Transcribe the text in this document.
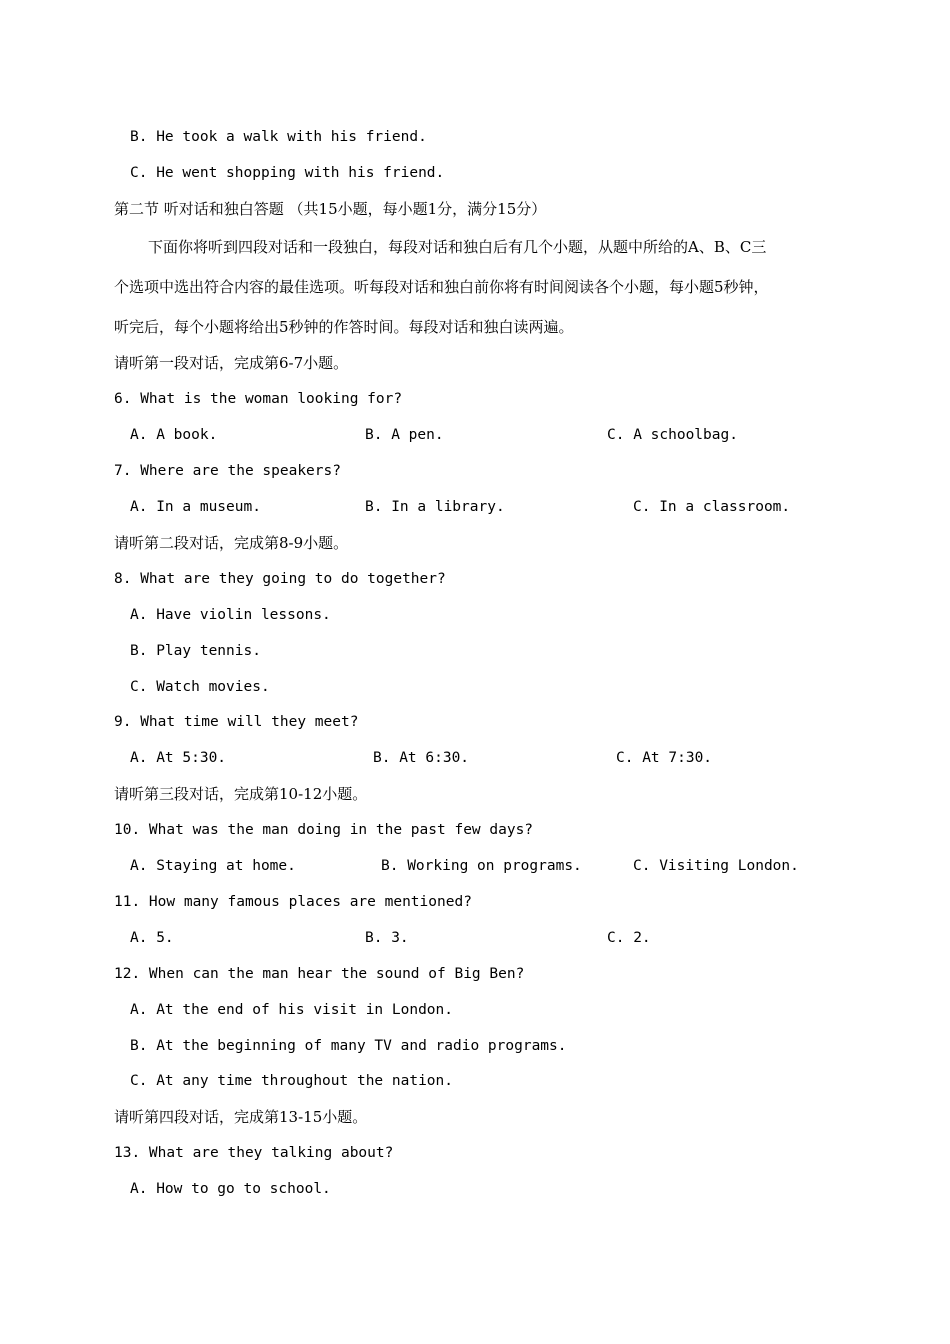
B. He took a walk with his friend.
C. He went shopping with his friend.
第二节 听对话和独白答题 （共15小题，每小题1分，满分15分）
下面你将听到四段对话和一段独白，每段对话和独白后有几个小题，从题中所给的A、B、C三
个选项中选出符合内容的最佳选项。听每段对话和独白前你将有时间阅读各个小题，每小题5秒钟，
听完后，每个小题将给出5秒钟的作答时间。每段对话和独白读两遍。
请听第一段对话，完成第6-7小题。
6. What is the woman looking for?
A. A book.	B. A pen.	C. A schoolbag.
7. Where are the speakers?
A. In a museum.	B. In a library.	C. In a classroom.
请听第二段对话，完成第8-9小题。
8. What are they going to do together?
A. Have violin lessons.
B. Play tennis.
C. Watch movies.
9. What time will they meet?
A. At 5:30.	B. At 6:30.	C. At 7:30.
请听第三段对话，完成第10-12小题。
10. What was the man doing in the past few days?
A. Staying at home.	B. Working on programs.	C. Visiting London.
11. How many famous places are mentioned?
A. 5.	B. 3.	C. 2.
12. When can the man hear the sound of Big Ben?
A. At the end of his visit in London.
B. At the beginning of many TV and radio programs.
C. At any time throughout the nation.
请听第四段对话，完成第13-15小题。
13. What are they talking about?
A. How to go to school.
